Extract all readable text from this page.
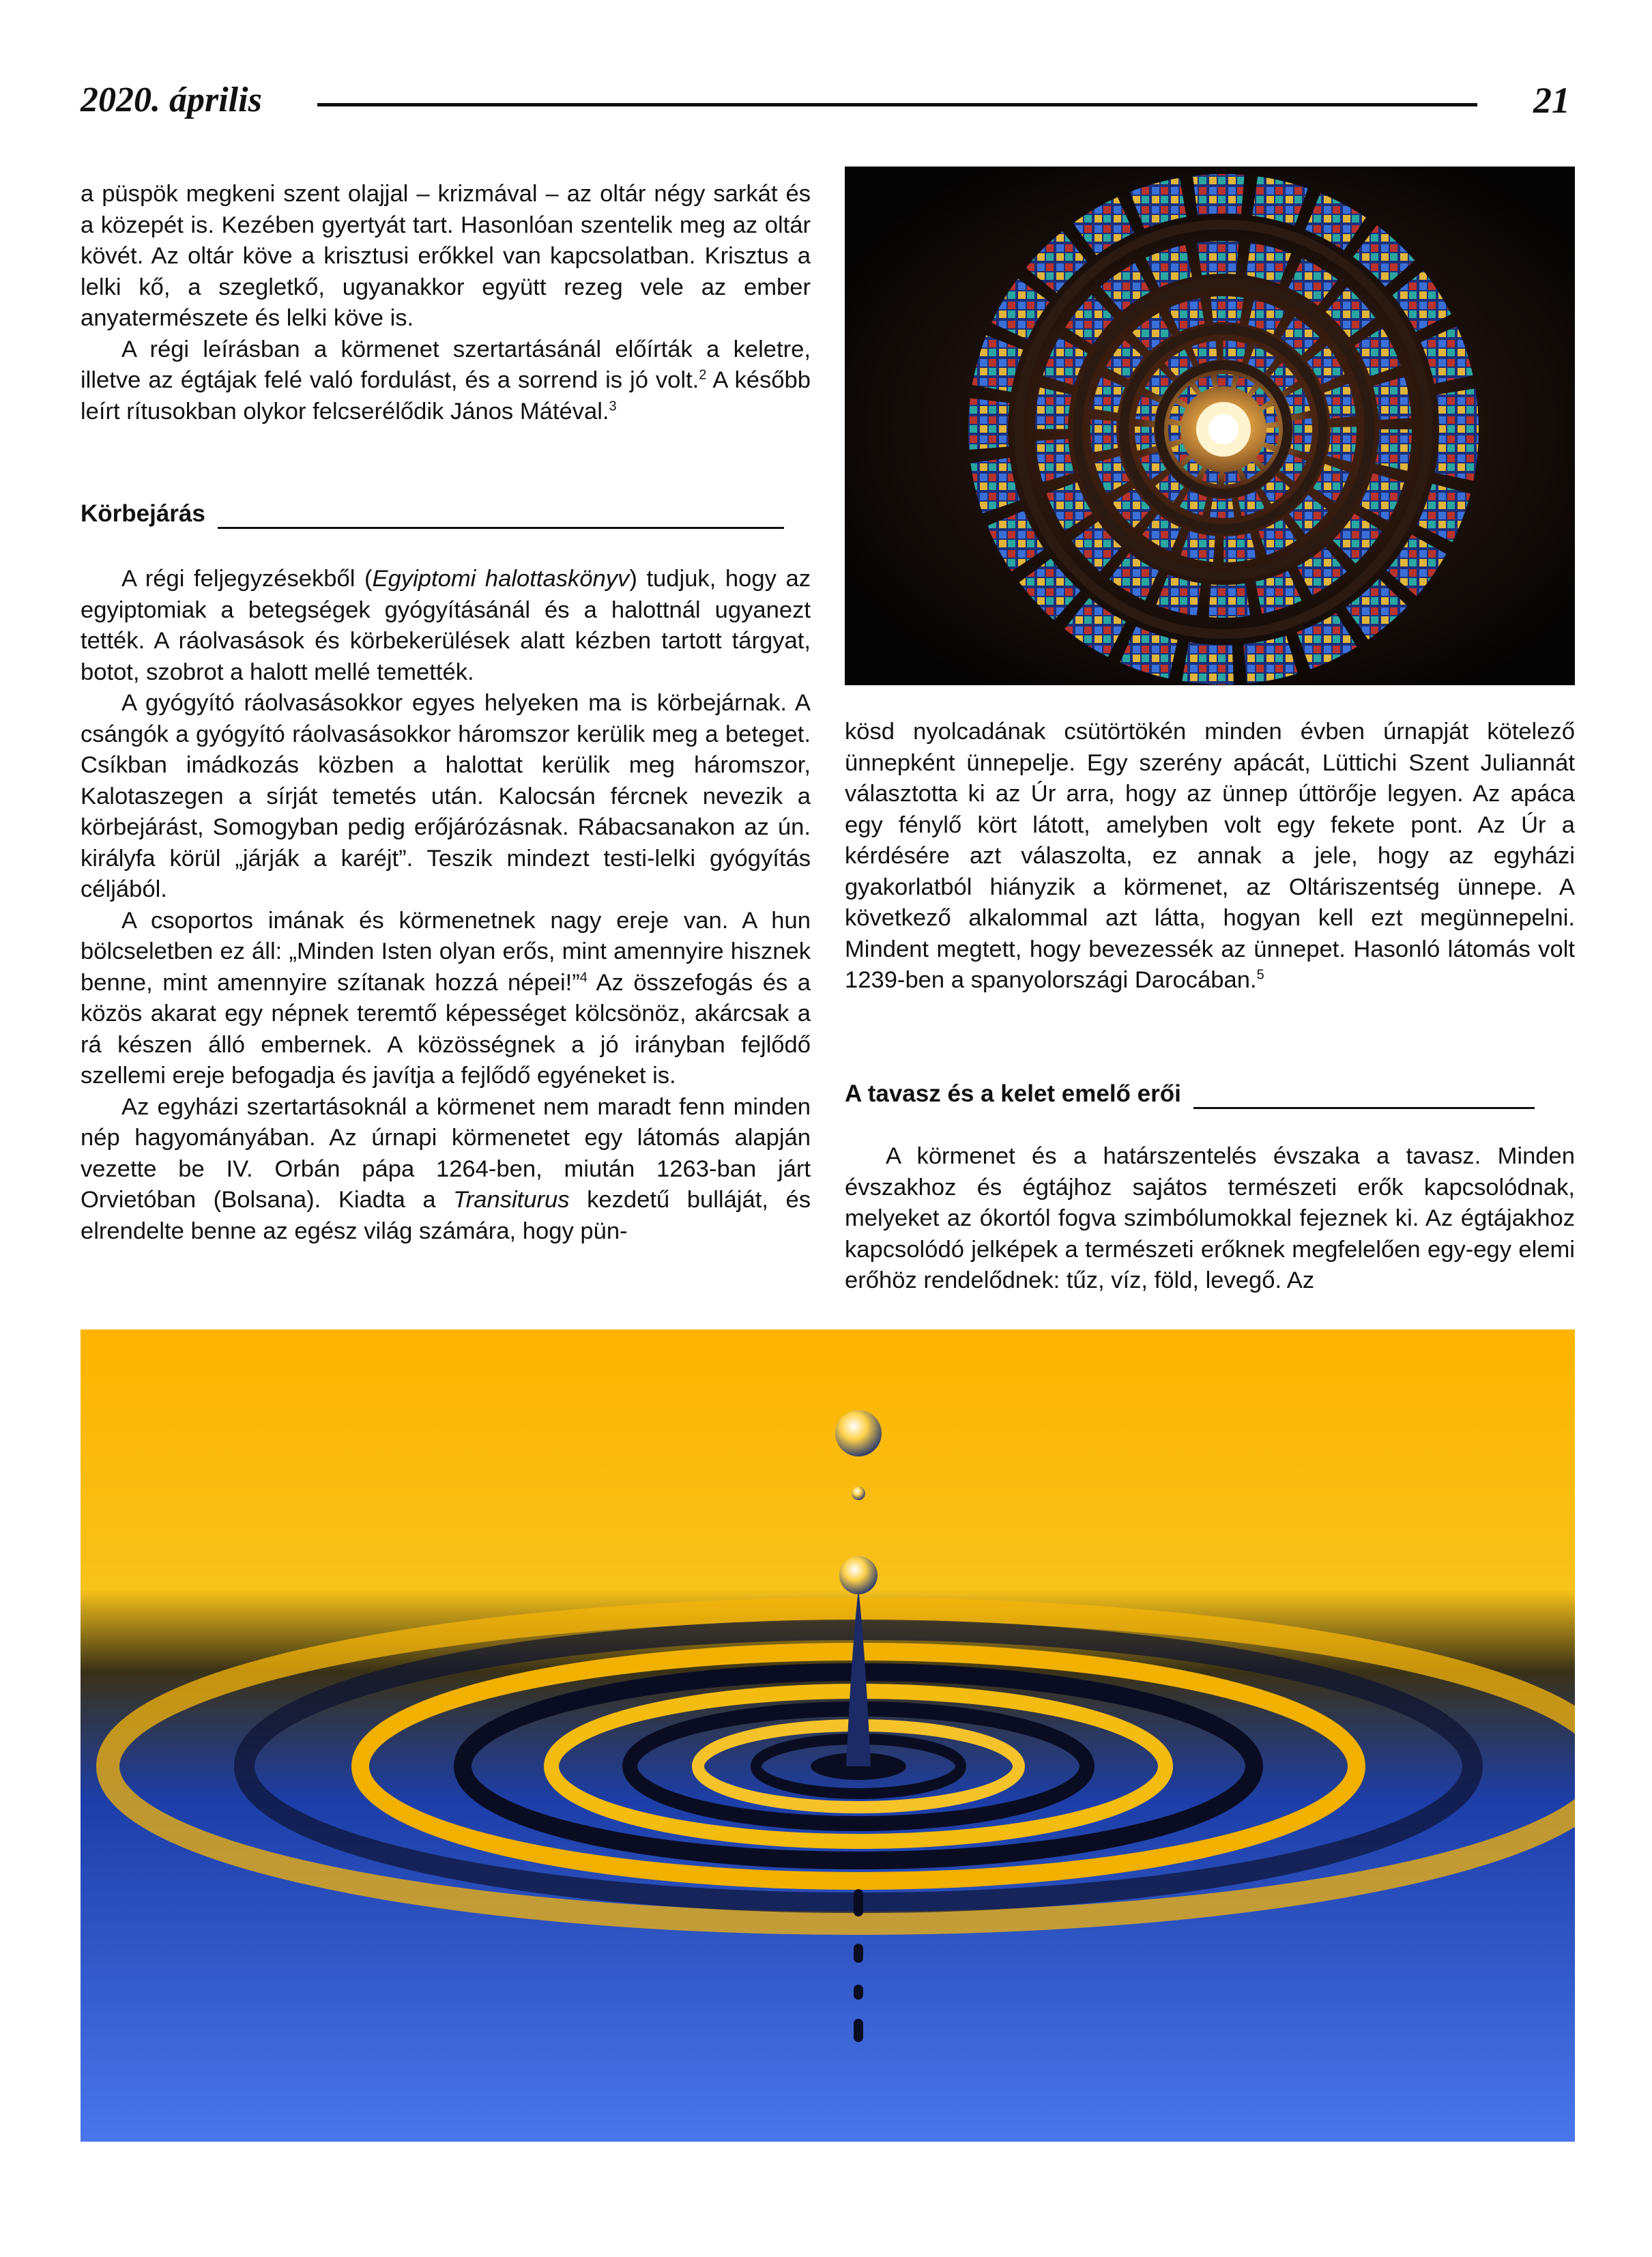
2020. április	21

a püspök megkeni szent olajjal – krizmával – az oltár négy sarkát és a közepét is. Kezében gyertyát tart. Hasonlóan szentelik meg az oltár kövét. Az oltár köve a krisztusi erőkkel van kapcsolatban. Krisztus a lelki kő, a szegletkő, ugyanakkor együtt rezeg vele az ember anyatermészete és lelki köve is.

A régi leírásban a körmenet szertartásánál előírták a keletre, illetve az égtájak felé való fordulást, és a sorrend is jó volt.$^2$ A később leírt rítusokban olykor felcserélődik János Mátéval.$^3$

Körbejárás

A régi feljegyzésekből (Egyiptomi halottaskönyv) tudjuk, hogy az egyiptomiak a betegségek gyógyításánál és a halottnál ugyanezt tették. A ráolvasások és körbekerülések alatt kézben tartott tárgyat, botot, szobrot a halott mellé temették.

A gyógyító ráolvasásokkor egyes helyeken ma is körbejárnak. A csángók a gyógyító ráolvasásokkor háromszor kerülik meg a beteget. Csíkban imádkozás közben a halottat kerülik meg háromszor, Kalotaszegen a sírját temetés után. Kalocsán fércnek nevezik a körbejárást, Somogyban pedig erőjárózásnak. Rábacsanakon az ún. királyfa körül „járják a karéjt”. Teszik mindezt testi-lelki gyógyítás céljából.

A csoportos imának és körmenetnek nagy ereje van. A hun bölcseletben ez áll: „Minden Isten olyan erős, mint amennyire hisznek benne, mint amennyire szítanak hozzá népei!”$^4$ Az összefogás és a közös akarat egy népnek teremtő képességet kölcsönöz, akárcsak a rá készen álló embernek. A közösségnek a jó irányban fejlődő szellemi ereje befogadja és javítja a fejlődő egyéneket is.

Az egyházi szertartásoknál a körmenet nem maradt fenn minden nép hagyományában. Az úrnapi körmenetet egy látomás alapján vezette be IV. Orbán pápa 1264-ben, miután 1263-ban járt Orvietóban (Bolsana). Kiadta a Transiturus kezdetű bulláját, és elrendelte benne az egész világ számára, hogy pün-

kösd nyolcadának csütörtökén minden évben úrnapját kötelező ünnepként ünnepelje. Egy szerény apácát, Lüttichi Szent Juliannát választotta ki az Úr arra, hogy az ünnep úttörője legyen. Az apáca egy fénylő kört látott, amelyben volt egy fekete pont. Az Úr a kérdésére azt válaszolta, ez annak a jele, hogy az egyházi gyakorlatból hiányzik a körmenet, az Oltáriszentség ünnepe. A következő alkalommal azt látta, hogyan kell ezt megünnepelni. Mindent megtett, hogy bevezessék az ünnepet. Hasonló látomás volt 1239-ben a spanyolországi Darocában.$^5$

A tavasz és a kelet emelő erői

A körmenet és a határszentelés évszaka a tavasz. Minden évszakhoz és égtájhoz sajátos természeti erők kapcsolódnak, melyeket az ókortól fogva szimbólumokkal fejeznek ki. Az égtájakhoz kapcsolódó jelképek a természeti erőknek megfelelően egy-egy elemi erőhöz rendelődnek: tűz, víz, föld, levegő. Az
